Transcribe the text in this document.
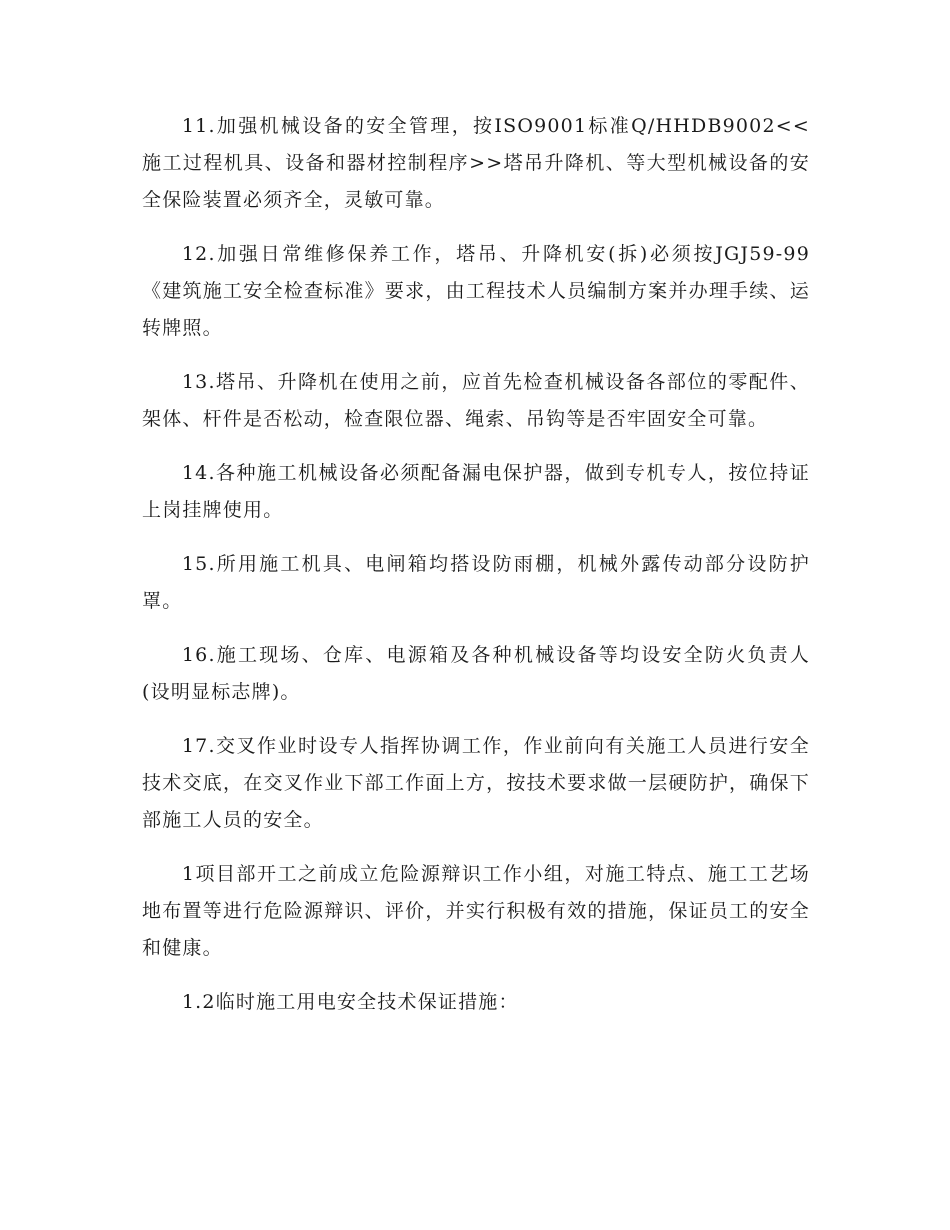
11.加强机械设备的安全管理，按ISO9001标准Q/HHDB9002<<施工过程机具、设备和器材控制程序>>塔吊升降机、等大型机械设备的安全保险装置必须齐全，灵敏可靠。

12.加强日常维修保养工作，塔吊、升降机安(拆)必须按JGJ59-99《建筑施工安全检查标准》要求，由工程技术人员编制方案并办理手续、运转牌照。

13.塔吊、升降机在使用之前，应首先检查机械设备各部位的零配件、架体、杆件是否松动，检查限位器、绳索、吊钩等是否牢固安全可靠。

14.各种施工机械设备必须配备漏电保护器，做到专机专人，按位持证上岗挂牌使用。

15.所用施工机具、电闸箱均搭设防雨棚，机械外露传动部分设防护罩。

16.施工现场、仓库、电源箱及各种机械设备等均设安全防火负责人(设明显标志牌)。

17.交叉作业时设专人指挥协调工作，作业前向有关施工人员进行安全技术交底，在交叉作业下部工作面上方，按技术要求做一层硬防护，确保下部施工人员的安全。

1项目部开工之前成立危险源辩识工作小组，对施工特点、施工工艺场地布置等进行危险源辩识、评价，并实行积极有效的措施，保证员工的安全和健康。

1.2临时施工用电安全技术保证措施：
